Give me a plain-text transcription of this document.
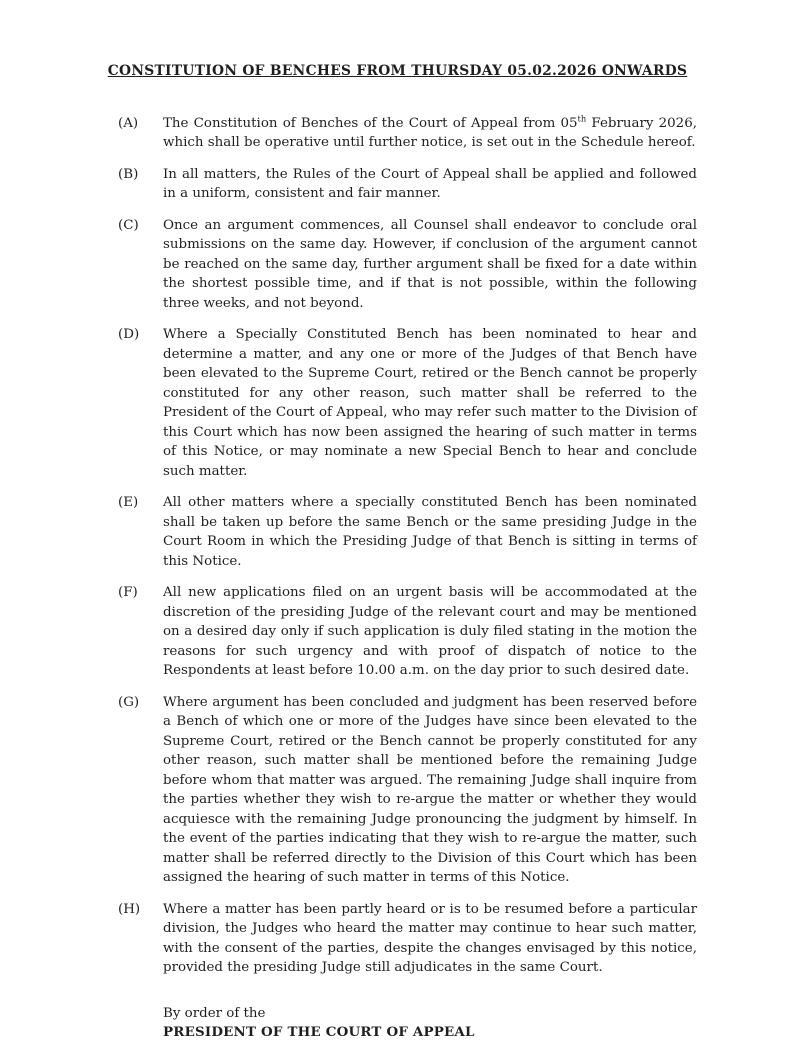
CONSTITUTION OF BENCHES FROM THURSDAY 05.02.2026 ONWARDS
(A)	The Constitution of Benches of the Court of Appeal from 05th February 2026, which shall be operative until further notice, is set out in the Schedule hereof.
(B)	In all matters, the Rules of the Court of Appeal shall be applied and followed in a uniform, consistent and fair manner.
(C)	Once an argument commences, all Counsel shall endeavor to conclude oral submissions on the same day. However, if conclusion of the argument cannot be reached on the same day, further argument shall be fixed for a date within the shortest possible time, and if that is not possible, within the following three weeks, and not beyond.
(D)	Where a Specially Constituted Bench has been nominated to hear and determine a matter, and any one or more of the Judges of that Bench have been elevated to the Supreme Court, retired or the Bench cannot be properly constituted for any other reason, such matter shall be referred to the President of the Court of Appeal, who may refer such matter to the Division of this Court which has now been assigned the hearing of such matter in terms of this Notice, or may nominate a new Special Bench to hear and conclude such matter.
(E)	All other matters where a specially constituted Bench has been nominated shall be taken up before the same Bench or the same presiding Judge in the Court Room in which the Presiding Judge of that Bench is sitting in terms of this Notice.
(F)	All new applications filed on an urgent basis will be accommodated at the discretion of the presiding Judge of the relevant court and may be mentioned on a desired day only if such application is duly filed stating in the motion the reasons for such urgency and with proof of dispatch of notice to the Respondents at least before 10.00 a.m. on the day prior to such desired date.
(G)	Where argument has been concluded and judgment has been reserved before a Bench of which one or more of the Judges have since been elevated to the Supreme Court, retired or the Bench cannot be properly constituted for any other reason, such matter shall be mentioned before the remaining Judge before whom that matter was argued. The remaining Judge shall inquire from the parties whether they wish to re-argue the matter or whether they would acquiesce with the remaining Judge pronouncing the judgment by himself. In the event of the parties indicating that they wish to re-argue the matter, such matter shall be referred directly to the Division of this Court which has been assigned the hearing of such matter in terms of this Notice.
(H)	Where a matter has been partly heard or is to be resumed before a particular division, the Judges who heard the matter may continue to hear such matter, with the consent of the parties, despite the changes envisaged by this notice, provided the presiding Judge still adjudicates in the same Court.

By order of the

PRESIDENT OF THE COURT OF APPEAL
